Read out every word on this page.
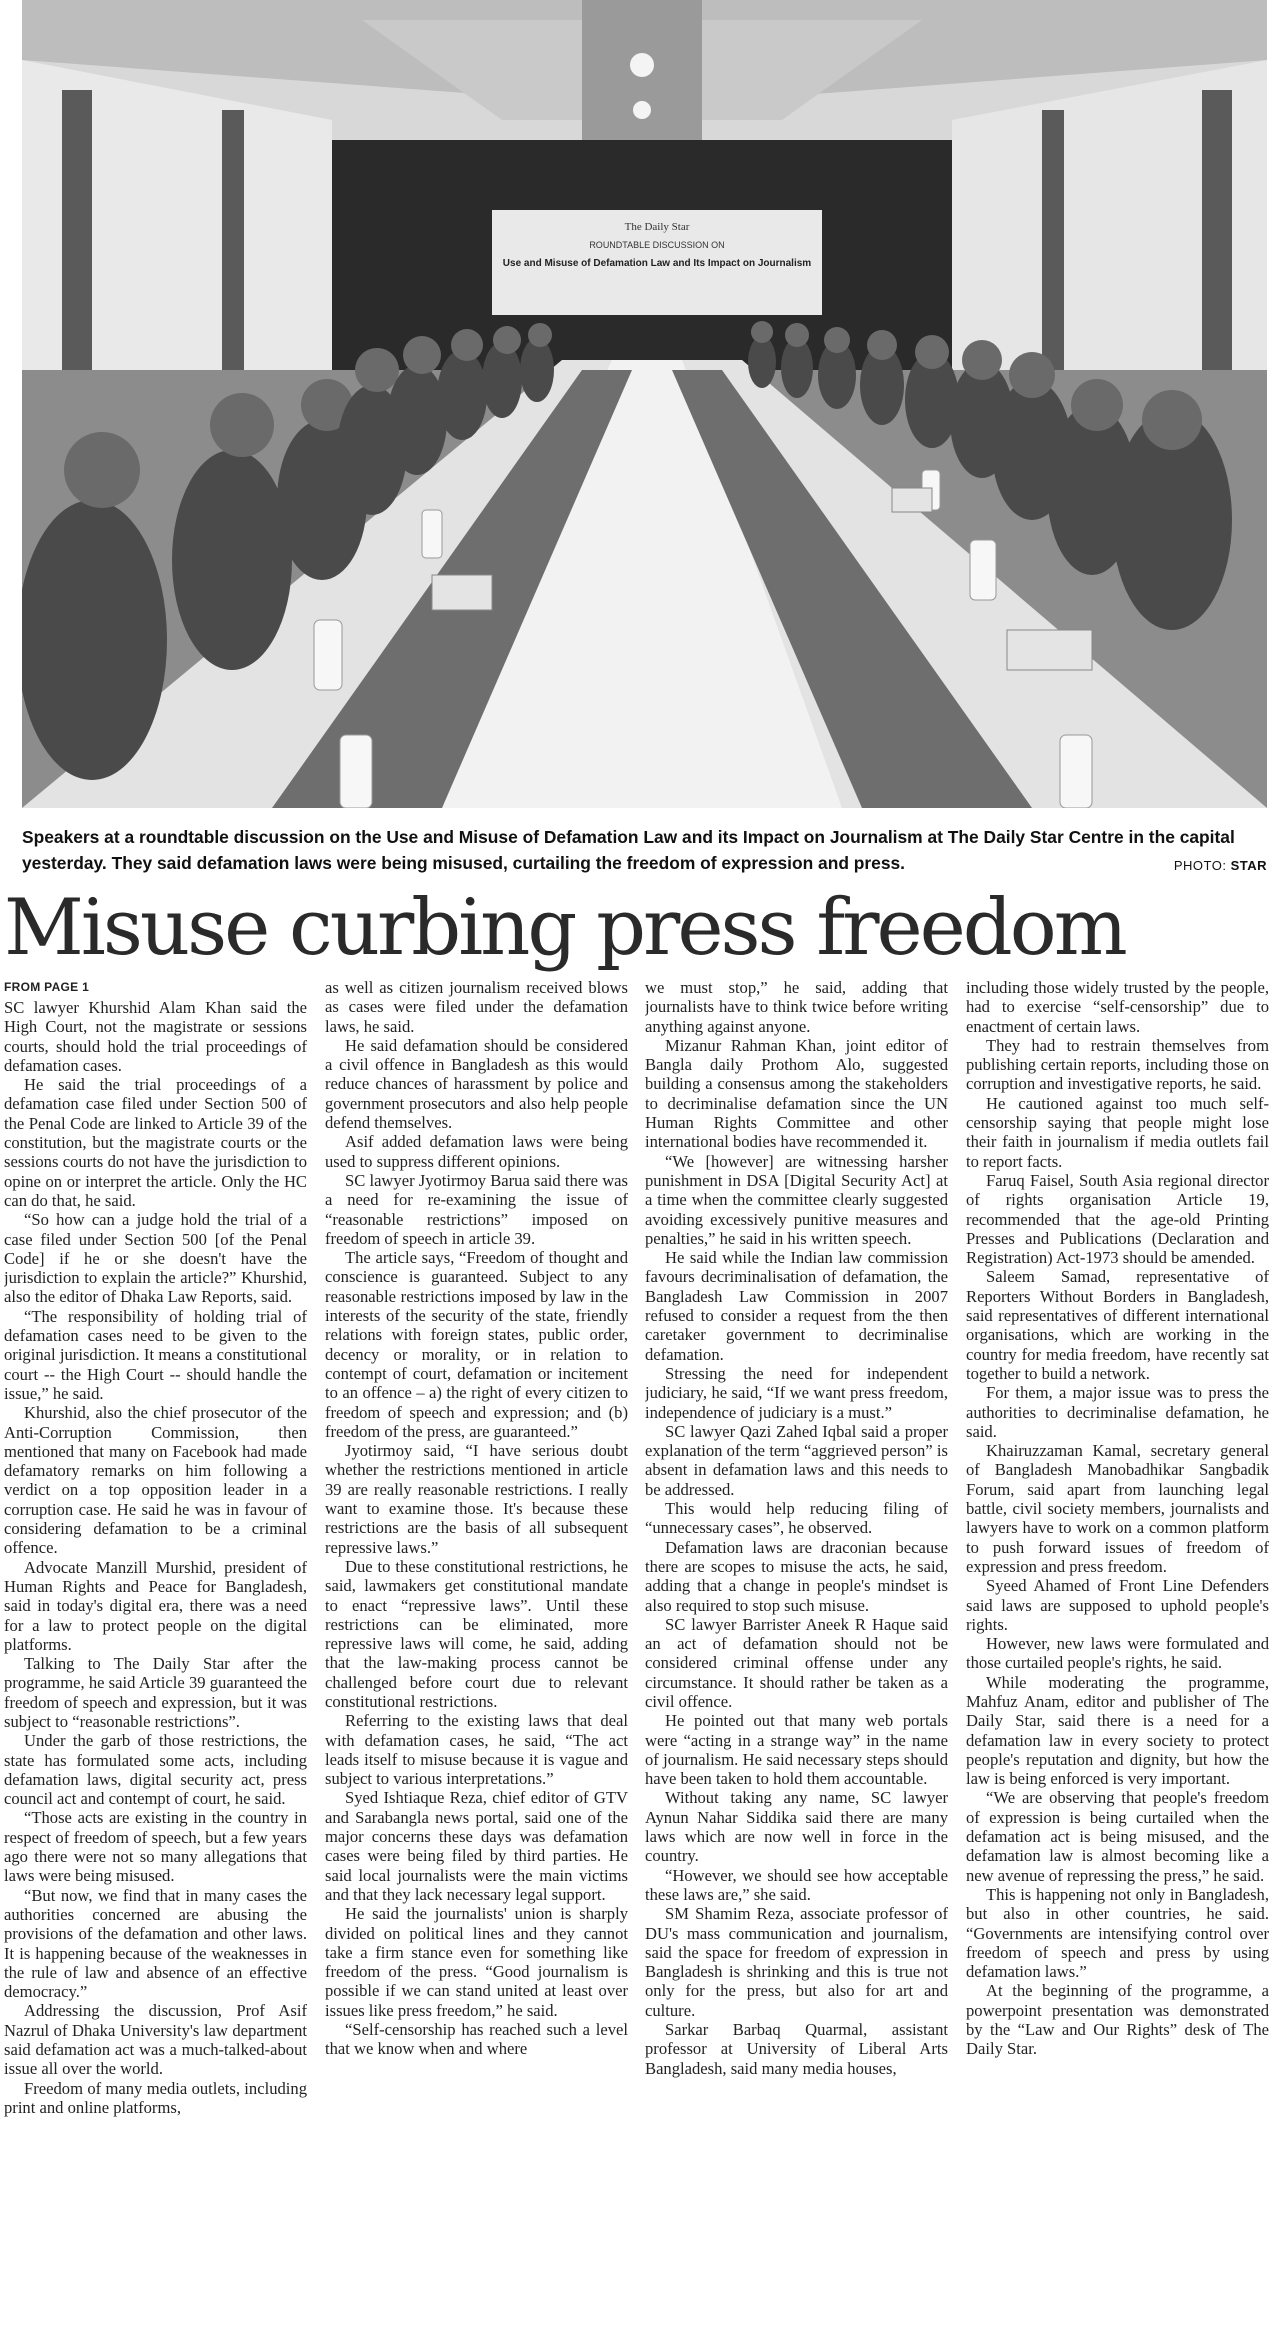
The Daily Star
ROUNDTABLE DISCUSSION ON
Use and Misuse of Defamation Law and Its Impact on Journalism
Speakers at a roundtable discussion on the Use and Misuse of Defamation Law and its Impact on Journalism at The Daily Star Centre in the capital yesterday. They said defamation laws were being misused, curtailing the freedom of expression and press.	PHOTO: STAR
Misuse curbing press freedom
FROM PAGE 1

SC lawyer Khurshid Alam Khan said the High Court, not the magistrate or sessions courts, should hold the trial proceedings of defamation cases.

He said the trial proceedings of a defamation case filed under Section 500 of the Penal Code are linked to Article 39 of the constitution, but the magistrate courts or the sessions courts do not have the jurisdiction to opine on or interpret the article. Only the HC can do that, he said.

“So how can a judge hold the trial of a case filed under Section 500 [of the Penal Code] if he or she doesn't have the jurisdiction to explain the article?” Khurshid, also the editor of Dhaka Law Reports, said.

“The responsibility of holding trial of defamation cases need to be given to the original jurisdiction. It means a constitutional court -- the High Court -- should handle the issue,” he said.

Khurshid, also the chief prosecutor of the Anti-Corruption Commission, then mentioned that many on Facebook had made defamatory remarks on him following a verdict on a top opposition leader in a corruption case. He said he was in favour of considering defamation to be a criminal offence.

Advocate Manzill Murshid, president of Human Rights and Peace for Bangladesh, said in today's digital era, there was a need for a law to protect people on the digital platforms.

Talking to The Daily Star after the programme, he said Article 39 guaranteed the freedom of speech and expression, but it was subject to “reasonable restrictions”.

Under the garb of those restrictions, the state has formulated some acts, including defamation laws, digital security act, press council act and contempt of court, he said.

“Those acts are existing in the country in respect of freedom of speech, but a few years ago there were not so many allegations that laws were being misused.

“But now, we find that in many cases the authorities concerned are abusing the provisions of the defamation and other laws. It is happening because of the weaknesses in the rule of law and absence of an effective democracy.”

Addressing the discussion, Prof Asif Nazrul of Dhaka University's law department said defamation act was a much-talked-about issue all over the world.

Freedom of many media outlets, including print and online platforms,

as well as citizen journalism received blows as cases were filed under the defamation laws, he said.

He said defamation should be considered a civil offence in Bangladesh as this would reduce chances of harassment by police and government prosecutors and also help people defend themselves.

Asif added defamation laws were being used to suppress different opinions.

SC lawyer Jyotirmoy Barua said there was a need for re-examining the issue of “reasonable restrictions” imposed on freedom of speech in article 39.

The article says, “Freedom of thought and conscience is guaranteed. Subject to any reasonable restrictions imposed by law in the interests of the security of the state, friendly relations with foreign states, public order, decency or morality, or in relation to contempt of court, defamation or incitement to an offence – a) the right of every citizen to freedom of speech and expression; and (b) freedom of the press, are guaranteed.”

Jyotirmoy said, “I have serious doubt whether the restrictions mentioned in article 39 are really reasonable restrictions. I really want to examine those. It's because these restrictions are the basis of all subsequent repressive laws.”

Due to these constitutional restrictions, he said, lawmakers get constitutional mandate to enact “repressive laws”. Until these restrictions can be eliminated, more repressive laws will come, he said, adding that the law-making process cannot be challenged before court due to relevant constitutional restrictions.

Referring to the existing laws that deal with defamation cases, he said, “The act leads itself to misuse because it is vague and subject to various interpretations.”

Syed Ishtiaque Reza, chief editor of GTV and Sarabangla news portal, said one of the major concerns these days was defamation cases were being filed by third parties. He said local journalists were the main victims and that they lack necessary legal support.

He said the journalists' union is sharply divided on political lines and they cannot take a firm stance even for something like freedom of the press. “Good journalism is possible if we can stand united at least over issues like press freedom,” he said.

“Self-censorship has reached such a level that we know when and where

we must stop,” he said, adding that journalists have to think twice before writing anything against anyone.

Mizanur Rahman Khan, joint editor of Bangla daily Prothom Alo, suggested building a consensus among the stakeholders to decriminalise defamation since the UN Human Rights Committee and other international bodies have recommended it.

“We [however] are witnessing harsher punishment in DSA [Digital Security Act] at a time when the committee clearly suggested avoiding excessively punitive measures and penalties,” he said in his written speech.

He said while the Indian law commission favours decriminalisation of defamation, the Bangladesh Law Commission in 2007 refused to consider a request from the then caretaker government to decriminalise defamation.

Stressing the need for independent judiciary, he said, “If we want press freedom, independence of judiciary is a must.”

SC lawyer Qazi Zahed Iqbal said a proper explanation of the term “aggrieved person” is absent in defamation laws and this needs to be addressed.

This would help reducing filing of “unnecessary cases”, he observed.

Defamation laws are draconian because there are scopes to misuse the acts, he said, adding that a change in people's mindset is also required to stop such misuse.

SC lawyer Barrister Aneek R Haque said an act of defamation should not be considered criminal offense under any circumstance. It should rather be taken as a civil offence.

He pointed out that many web portals were “acting in a strange way” in the name of journalism. He said necessary steps should have been taken to hold them accountable.

Without taking any name, SC lawyer Aynun Nahar Siddika said there are many laws which are now well in force in the country.

“However, we should see how acceptable these laws are,” she said.

SM Shamim Reza, associate professor of DU's mass communication and journalism, said the space for freedom of expression in Bangladesh is shrinking and this is true not only for the press, but also for art and culture.

Sarkar Barbaq Quarmal, assistant professor at University of Liberal Arts Bangladesh, said many media houses,

including those widely trusted by the people, had to exercise “self-censorship” due to enactment of certain laws.

They had to restrain themselves from publishing certain reports, including those on corruption and investigative reports, he said.

He cautioned against too much self-censorship saying that people might lose their faith in journalism if media outlets fail to report facts.

Faruq Faisel, South Asia regional director of rights organisation Article 19, recommended that the age-old Printing Presses and Publications (Declaration and Registration) Act-1973 should be amended.

Saleem Samad, representative of Reporters Without Borders in Bangladesh, said representatives of different international organisations, which are working in the country for media freedom, have recently sat together to build a network.

For them, a major issue was to press the authorities to decriminalise defamation, he said.

Khairuzzaman Kamal, secretary general of Bangladesh Manobadhikar Sangbadik Forum, said apart from launching legal battle, civil society members, journalists and lawyers have to work on a common platform to push forward issues of freedom of expression and press freedom.

Syeed Ahamed of Front Line Defenders said laws are supposed to uphold people's rights.

However, new laws were formulated and those curtailed people's rights, he said.

While moderating the programme, Mahfuz Anam, editor and publisher of The Daily Star, said there is a need for a defamation law in every society to protect people's reputation and dignity, but how the law is being enforced is very important.

“We are observing that people's freedom of expression is being curtailed when the defamation act is being misused, and the defamation law is almost becoming like a new avenue of repressing the press,” he said.

This is happening not only in Bangladesh, but also in other countries, he said. “Governments are intensifying control over freedom of speech and press by using defamation laws.”

At the beginning of the programme, a powerpoint presentation was demonstrated by the “Law and Our Rights” desk of The Daily Star.
